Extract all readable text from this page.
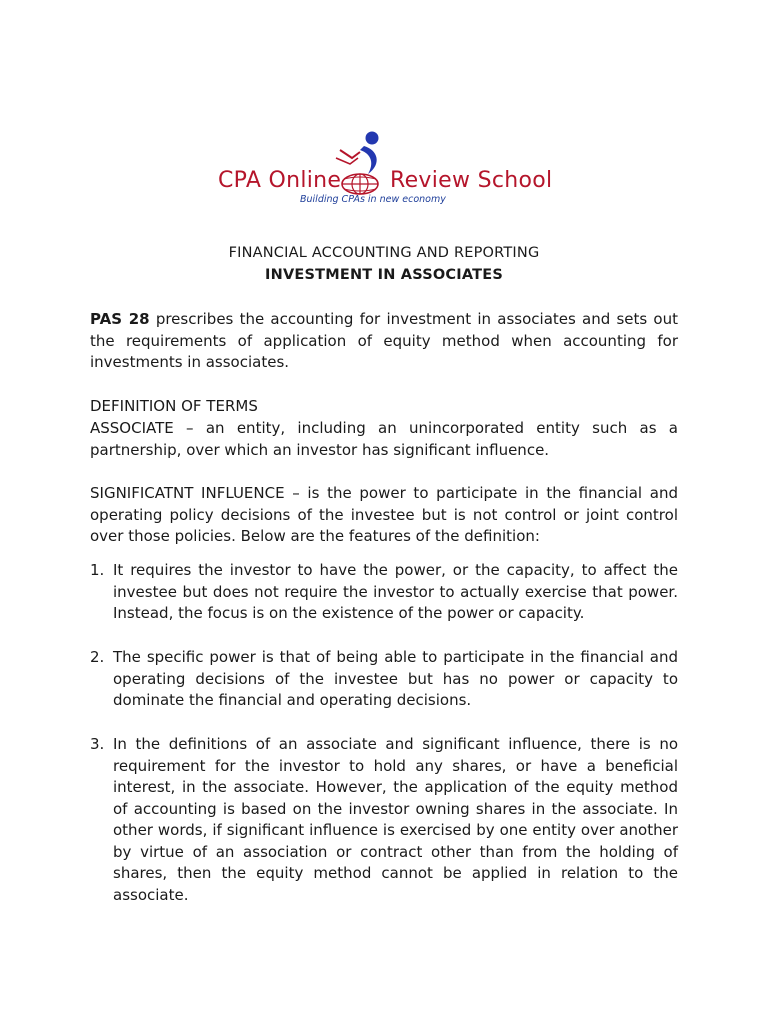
CPA Online Review School
Building CPAs in new economy
FINANCIAL ACCOUNTING AND REPORTING
INVESTMENT IN ASSOCIATES
PAS 28 prescribes the accounting for investment in associates and sets out the requirements of application of equity method when accounting for investments in associates.
DEFINITION OF TERMS
ASSOCIATE – an entity, including an unincorporated entity such as a partnership, over which an investor has significant influence.
SIGNIFICATNT INFLUENCE – is the power to participate in the financial and operating policy decisions of the investee but is not control or joint control over those policies. Below are the features of the definition:
1. It requires the investor to have the power, or the capacity, to affect the investee but does not require the investor to actually exercise that power. Instead, the focus is on the existence of the power or capacity.
2. The specific power is that of being able to participate in the financial and operating decisions of the investee but has no power or capacity to dominate the financial and operating decisions.
3. In the definitions of an associate and significant influence, there is no requirement for the investor to hold any shares, or have a beneficial interest, in the associate. However, the application of the equity method of accounting is based on the investor owning shares in the associate. In other words, if significant influence is exercised by one entity over another by virtue of an association or contract other than from the holding of shares, then the equity method cannot be applied in relation to the associate.
